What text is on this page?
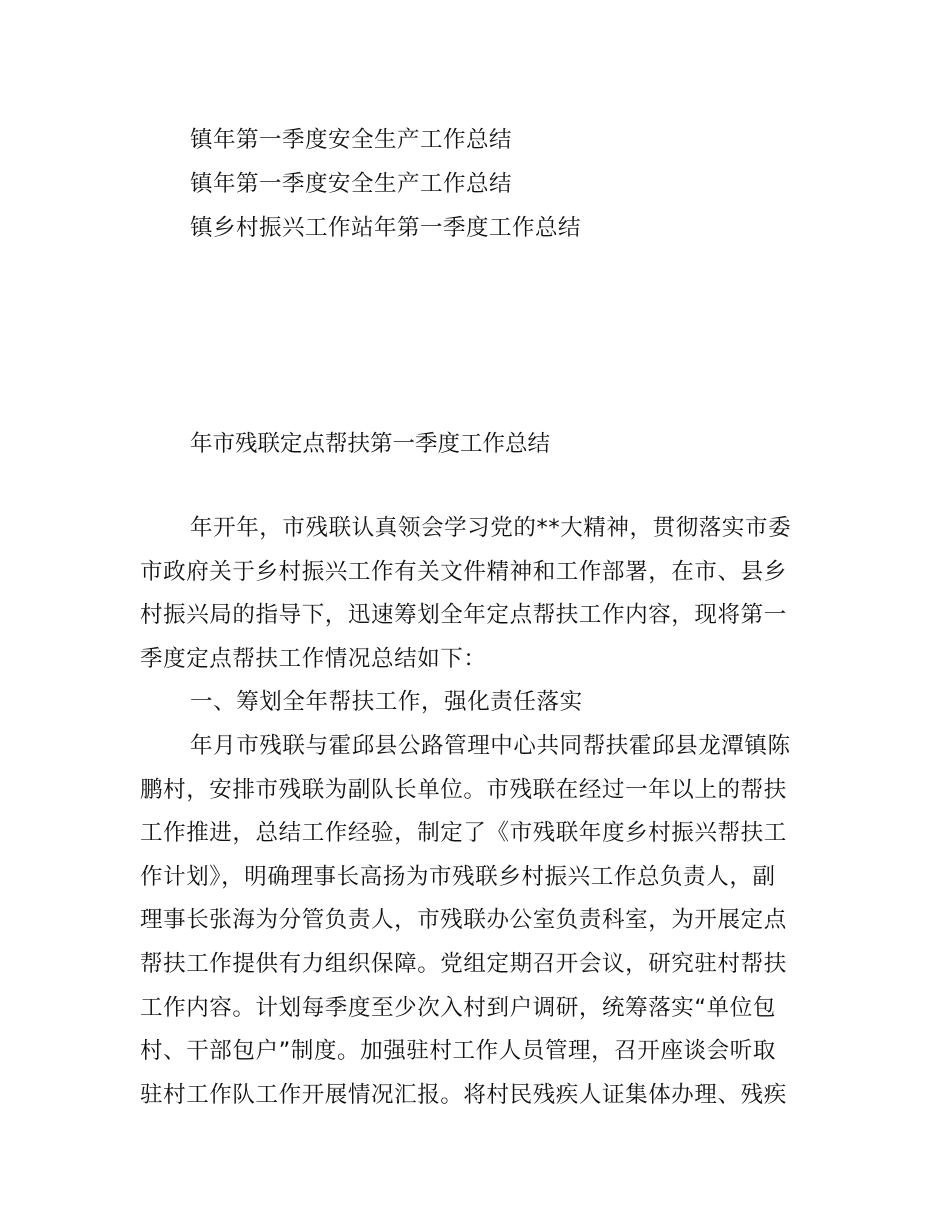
镇年第一季度安全生产工作总结
镇年第一季度安全生产工作总结
镇乡村振兴工作站年第一季度工作总结
年市残联定点帮扶第一季度工作总结
年开年，市残联认真领会学习党的**大精神，贯彻落实市委
市政府关于乡村振兴工作有关文件精神和工作部署，在市、县乡
村振兴局的指导下，迅速筹划全年定点帮扶工作内容，现将第一
季度定点帮扶工作情况总结如下：
一、筹划全年帮扶工作，强化责任落实
年月市残联与霍邱县公路管理中心共同帮扶霍邱县龙潭镇陈
鹏村，安排市残联为副队长单位。市残联在经过一年以上的帮扶
工作推进，总结工作经验，制定了《市残联年度乡村振兴帮扶工
作计划》，明确理事长高扬为市残联乡村振兴工作总负责人，副
理事长张海为分管负责人，市残联办公室负责科室，为开展定点
帮扶工作提供有力组织保障。党组定期召开会议，研究驻村帮扶
工作内容。计划每季度至少次入村到户调研，统筹落实“单位包
村、干部包户”制度。加强驻村工作人员管理，召开座谈会听取
驻村工作队工作开展情况汇报。将村民残疾人证集体办理、残疾
